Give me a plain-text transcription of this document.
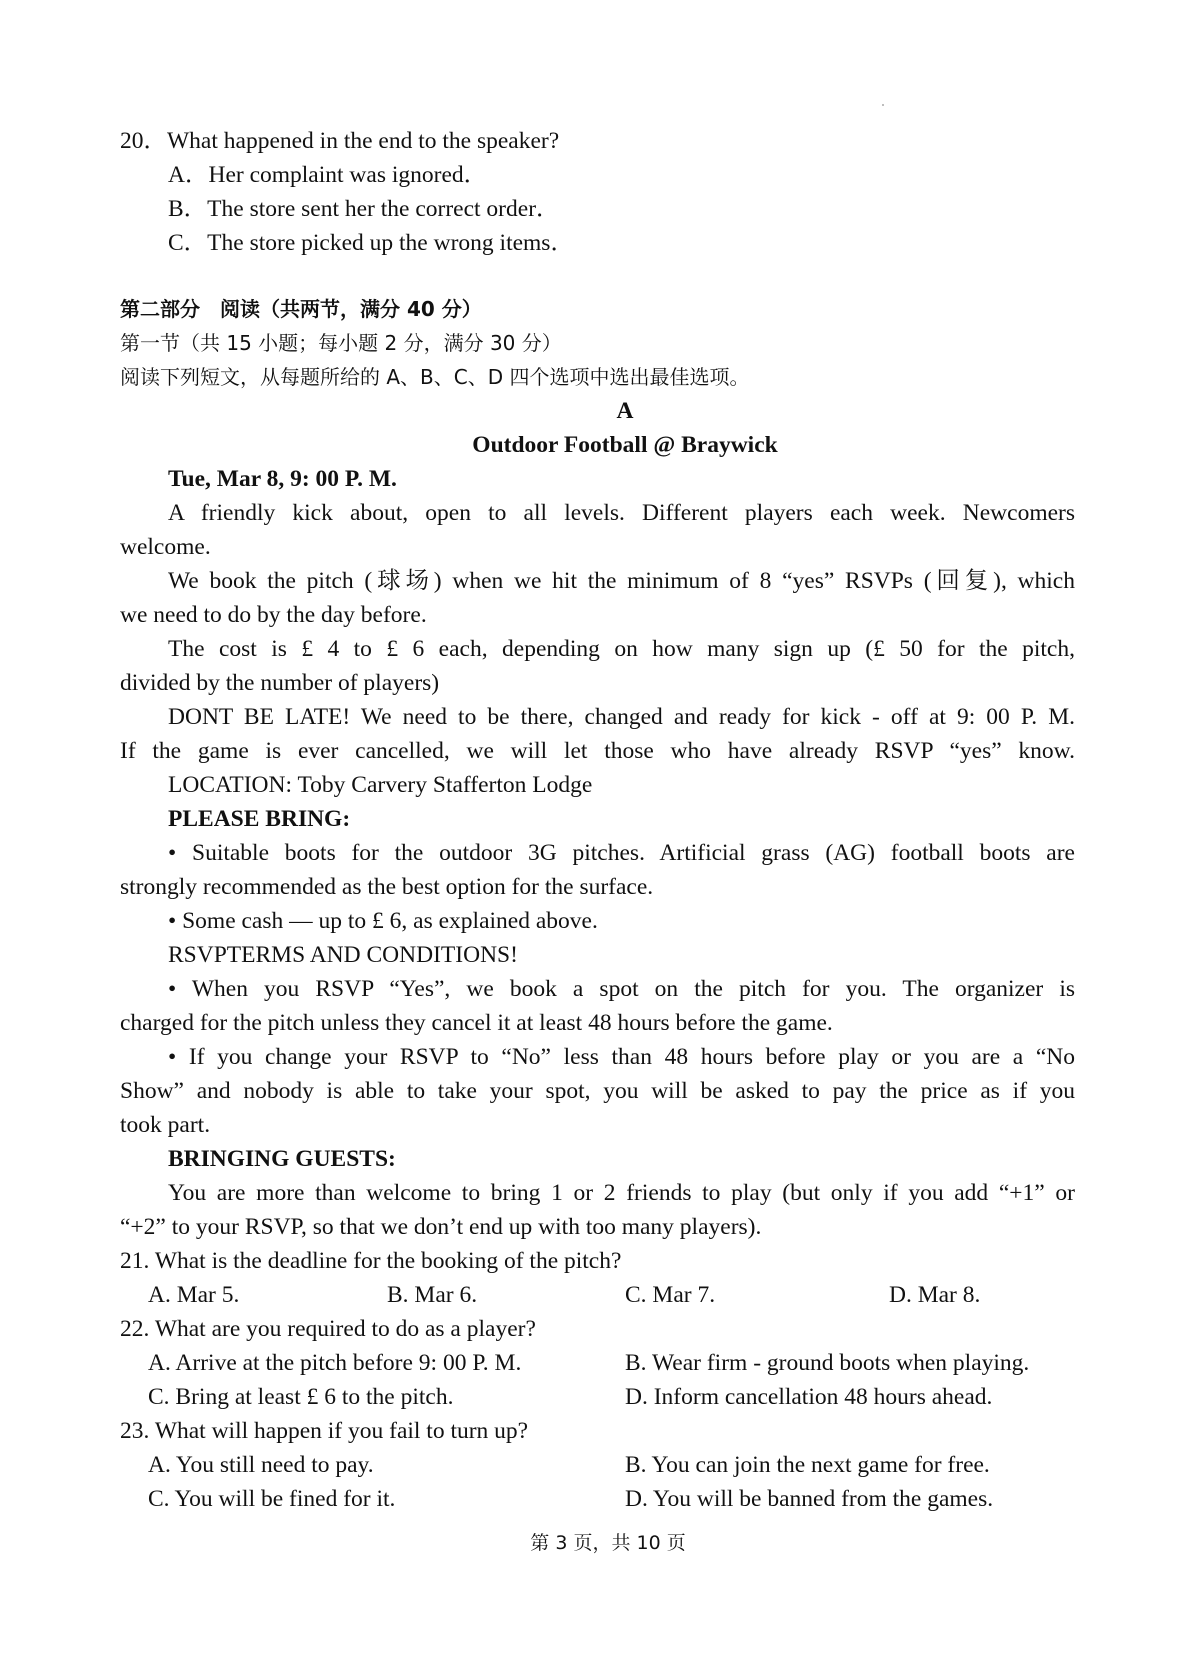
20．What happened in the end to the speaker?
A．Her complaint was ignored．
B．The store sent her the correct order．
C．The store picked up the wrong items．
第二部分　阅读（共两节，满分 40 分）
第一节（共 15 小题；每小题 2 分，满分 30 分）
阅读下列短文，从每题所给的 A、B、C、D 四个选项中选出最佳选项。
A
Outdoor Football @ Braywick
Tue, Mar 8, 9: 00 P. M.
A friendly kick about, open to all levels. Different players each week. Newcomers
welcome.
We book the pitch (球场) when we hit the minimum of 8 “yes” RSVPs (回复), which
we need to do by the day before.
The cost is £ 4 to £ 6 each, depending on how many sign up (£ 50 for the pitch,
divided by the number of players)
DONT BE LATE! We need to be there, changed and ready for kick - off at 9: 00 P. M.
If the game is ever cancelled, we will let those who have already RSVP “yes” know.
LOCATION: Toby Carvery Stafferton Lodge
PLEASE BRING:
• Suitable boots for the outdoor 3G pitches. Artificial grass (AG) football boots are
strongly recommended as the best option for the surface.
• Some cash — up to £ 6, as explained above.
RSVPTERMS AND CONDITIONS!
• When you RSVP “Yes”, we book a spot on the pitch for you. The organizer is
charged for the pitch unless they cancel it at least 48 hours before the game.
• If you change your RSVP to “No” less than 48 hours before play or you are a “No
Show” and nobody is able to take your spot, you will be asked to pay the price as if you
took part.
BRINGING GUESTS:
You are more than welcome to bring 1 or 2 friends to play (but only if you add “+1” or
“+2” to your RSVP, so that we don’t end up with too many players).
21. What is the deadline for the booking of the pitch?
A. Mar 5.	B. Mar 6.	C. Mar 7.	D. Mar 8.
22. What are you required to do as a player?
A. Arrive at the pitch before 9: 00 P. M.	B. Wear firm - ground boots when playing.
C. Bring at least £ 6 to the pitch.	D. Inform cancellation 48 hours ahead.
23. What will happen if you fail to turn up?
A. You still need to pay.	B. You can join the next game for free.
C. You will be fined for it.	D. You will be banned from the games.
第 3 页，共 10 页
